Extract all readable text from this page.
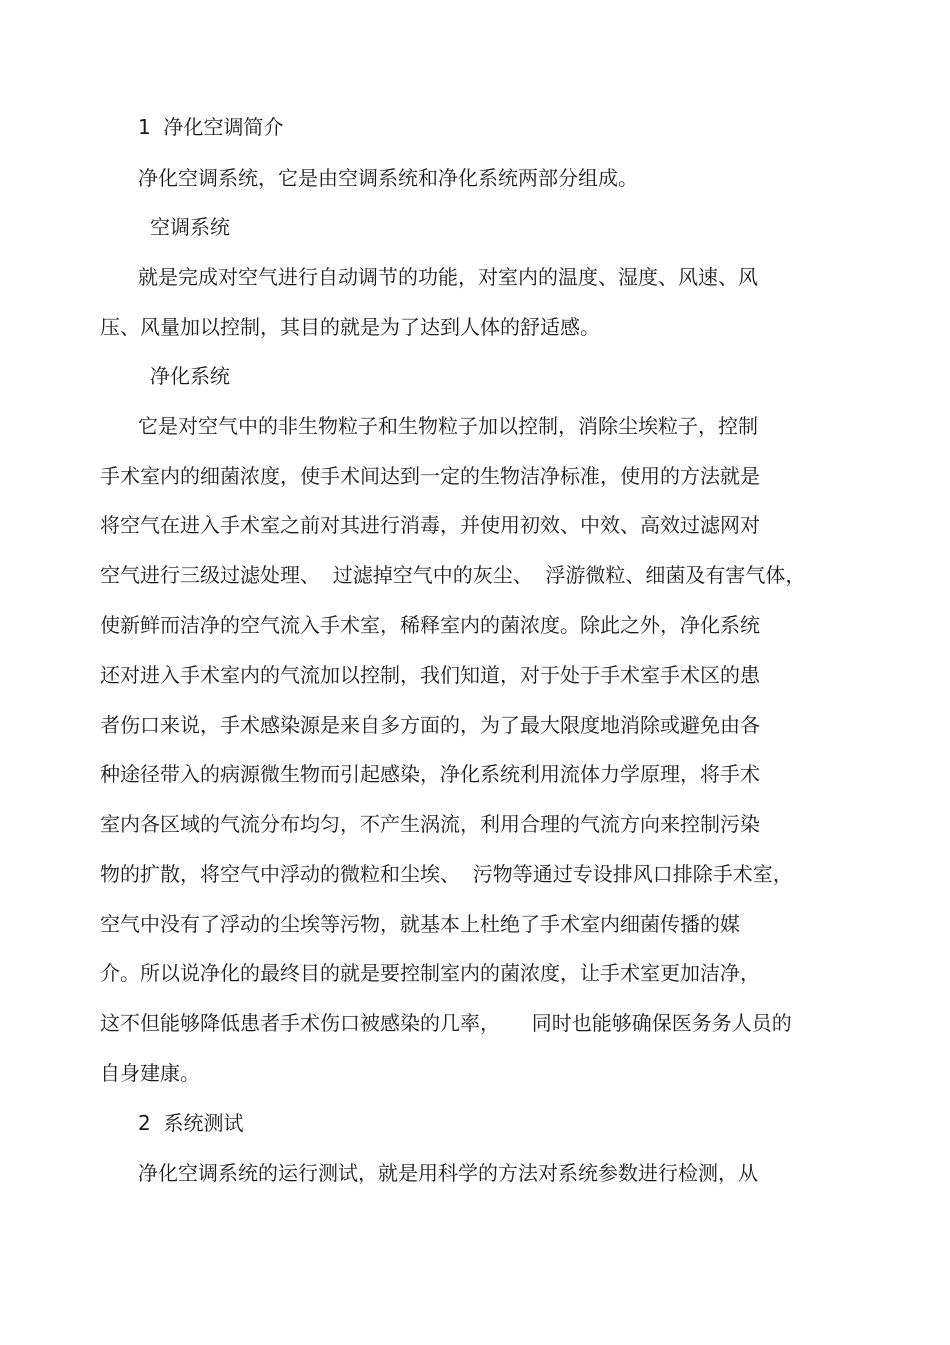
1  净化空调简介
净化空调系统，它是由空调系统和净化系统两部分组成。
空调系统
就是完成对空气进行自动调节的功能，对室内的温度、湿度、风速、风
压、风量加以控制，其目的就是为了达到人体的舒适感。
净化系统
它是对空气中的非生物粒子和生物粒子加以控制，消除尘埃粒子，控制
手术室内的细菌浓度，使手术间达到一定的生物洁净标准，使用的方法就是
将空气在进入手术室之前对其进行消毒，并使用初效、中效、高效过滤网对
空气进行三级过滤处理、  过滤掉空气中的灰尘、  浮游微粒、细菌及有害气体，
使新鲜而洁净的空气流入手术室，稀释室内的菌浓度。除此之外，净化系统
还对进入手术室内的气流加以控制，我们知道，对于处于手术室手术区的患
者伤口来说，手术感染源是来自多方面的，为了最大限度地消除或避免由各
种途径带入的病源微生物而引起感染，净化系统利用流体力学原理，将手术
室内各区域的气流分布均匀，不产生涡流，利用合理的气流方向来控制污染
物的扩散，将空气中浮动的微粒和尘埃、  污物等通过专设排风口排除手术室，
空气中没有了浮动的尘埃等污物，就基本上杜绝了手术室内细菌传播的媒
介。所以说净化的最终目的就是要控制室内的菌浓度，让手术室更加洁净，
这不但能够降低患者手术伤口被感染的几率，     同时也能够确保医务务人员的
自身建康。
2  系统测试
净化空调系统的运行测试，就是用科学的方法对系统参数进行检测，从
